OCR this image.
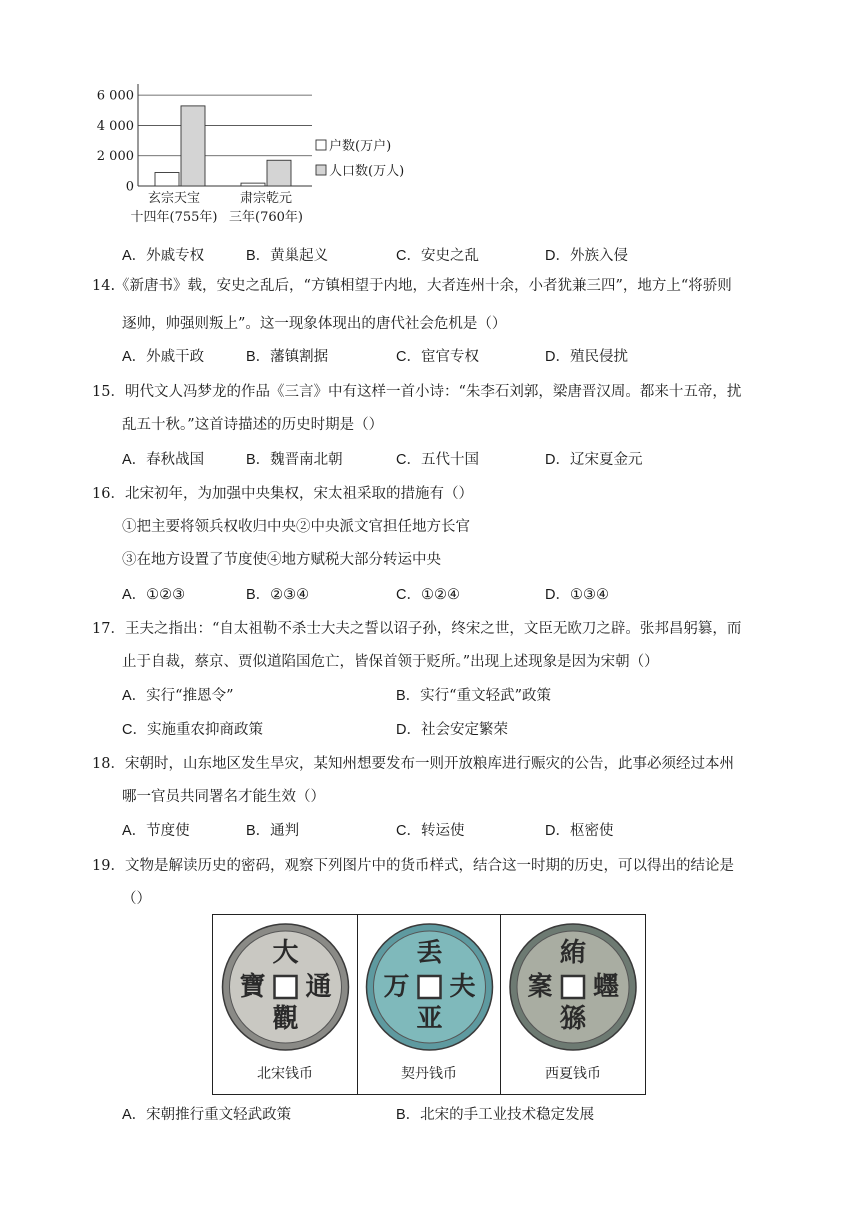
6 000
4 000
2 000
0
玄宗天宝
十四年(755年)
肃宗乾元
三年(760年)
户数(万户)
人口数(万人)
A．外戚专权	B．黄巢起义	C．安史之乱	D．外族入侵
14.《新唐书》载，安史之乱后，“方镇相望于内地，大者连州十余，小者犹兼三四”，地方上“将骄则
逐帅，帅强则叛上”。这一现象体现出的唐代社会危机是（）
A．外戚干政	B．藩镇割据	C．宦官专权	D．殖民侵扰
15．明代文人冯梦龙的作品《三言》中有这样一首小诗：“朱李石刘郭，梁唐晋汉周。都来十五帝，扰
乱五十秋。”这首诗描述的历史时期是（）
A．春秋战国	B．魏晋南北朝	C．五代十国	D．辽宋夏金元
16．北宋初年，为加强中央集权，宋太祖采取的措施有（）
①把主要将领兵权收归中央②中央派文官担任地方长官
③在地方设置了节度使④地方赋税大部分转运中央
A．①②③	B．②③④	C．①②④	D．①③④
17．王夫之指出：“自太祖勒不杀士大夫之誓以诏子孙，终宋之世，文臣无欧刀之辟。张邦昌躬篡，而
止于自裁，蔡京、贾似道陷国危亡，皆保首领于贬所。”出现上述现象是因为宋朝（）
A．实行“推恩令”	B．实行“重文轻武”政策
C．实施重农抑商政策	D．社会安定繁荣
18．宋朝时，山东地区发生旱灾，某知州想要发布一则开放粮库进行赈灾的公告，此事必须经过本州
哪一官员共同署名才能生效（）
A．节度使	B．通判	C．转运使	D．枢密使
19．文物是解读历史的密码，观察下列图片中的货币样式，结合这一时期的历史，可以得出的结论是
（）
大
觀
寶 通
北宋钱币
丢
亚
万 夫
契丹钱币
絠
猻
䅁 䘃
西夏钱币
A．宋朝推行重文轻武政策	B．北宋的手工业技术稳定发展
